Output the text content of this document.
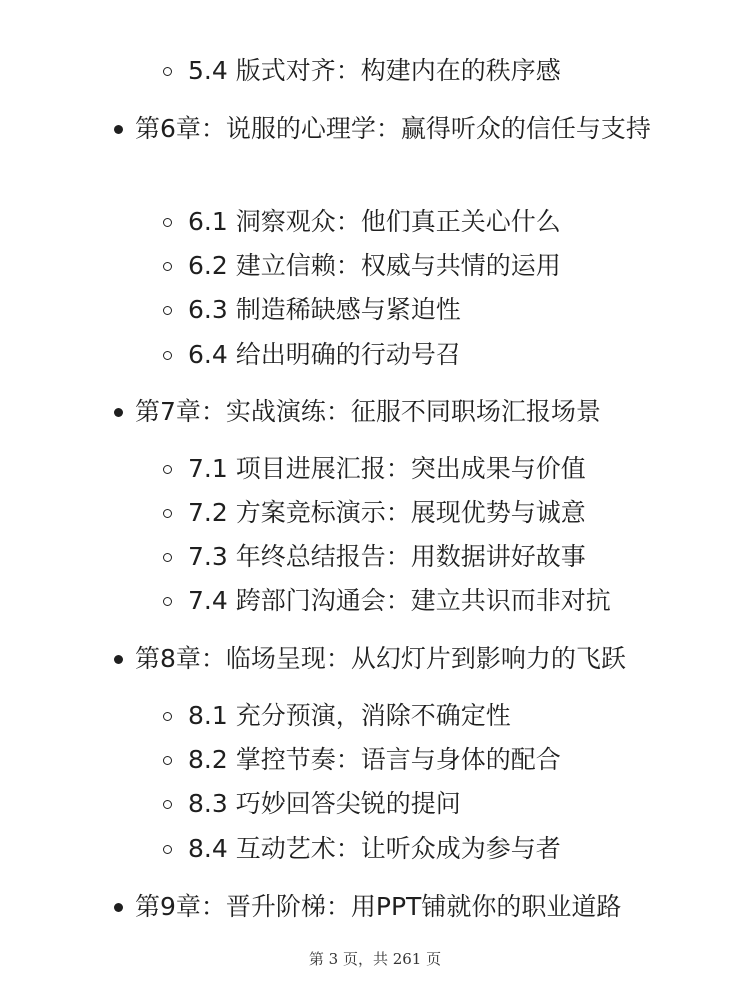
5.4 版式对齐：构建内在的秩序感
第6章：说服的心理学：赢得听众的信任与支持
6.1 洞察观众：他们真正关心什么
6.2 建立信赖：权威与共情的运用
6.3 制造稀缺感与紧迫性
6.4 给出明确的行动号召
第7章：实战演练：征服不同职场汇报场景
7.1 项目进展汇报：突出成果与价值
7.2 方案竞标演示：展现优势与诚意
7.3 年终总结报告：用数据讲好故事
7.4 跨部门沟通会：建立共识而非对抗
第8章：临场呈现：从幻灯片到影响力的飞跃
8.1 充分预演，消除不确定性
8.2 掌控节奏：语言与身体的配合
8.3 巧妙回答尖锐的提问
8.4 互动艺术：让听众成为参与者
第9章：晋升阶梯：用PPT铺就你的职业道路
第 3 页，共 261 页
